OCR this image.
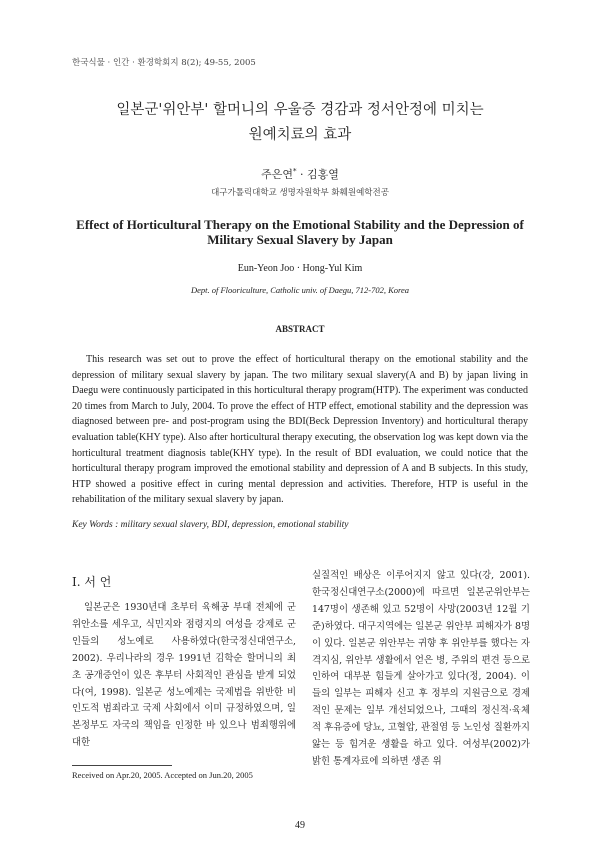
한국식물 · 인간 · 환경학회지 8(2); 49-55, 2005
일본군'위안부' 할머니의 우울증 경감과 정서안정에 미치는
원예치료의 효과
주은연* · 김홍열
대구가톨릭대학교 생명자원학부 화훼원예학전공
Effect of Horticultural Therapy on the Emotional Stability and the Depression of
Military Sexual Slavery by Japan
Eun-Yeon Joo · Hong-Yul Kim
Dept. of Flooriculture, Catholic univ. of Daegu, 712-702, Korea
ABSTRACT

This research was set out to prove the effect of horticultural therapy on the emotional stability and the depression of military sexual slavery by japan. The two military sexual slavery(A and B) by japan living in Daegu were continuously participated in this horticultural therapy program(HTP). The experiment was conducted 20 times from March to July, 2004. To prove the effect of HTP effect, emotional stability and the depression was diagnosed between pre- and post-program using the BDI(Beck Depression Inventory) and horticultural therapy evaluation table(KHY type). Also after horticultural therapy executing, the observation log was kept down via the horticultural treatment diagnosis table(KHY type). In the result of BDI evaluation, we could notice that the horticultural therapy program improved the emotional stability and depression of A and B subjects. In this study, HTP showed a positive effect in curing mental depression and activities. Therefore, HTP is useful in the rehabilitation of the military sexual slavery by japan.

Key Words : military sexual slavery, BDI, depression, emotional stability
Ⅰ. 서 언

일본군은 1930년대 초부터 육해공 부대 전체에 군위안소를 세우고, 식민지와 점령지의 여성을 강제로 군인들의 성노예로 사용하였다(한국정신대연구소, 2002). 우리나라의 경우 1991년 김학순 할머니의 최초 공개증언이 있은 후부터 사회적인 관심을 받게 되었다(여, 1998). 일본군 성노예제는 국제법을 위반한 비인도적 범죄라고 국제 사회에서 이미 규정하였으며, 일본정부도 자국의 책임을 인정한 바 있으나 범죄행위에 대한

실질적인 배상은 이루어지지 않고 있다(강, 2001). 한국정신대연구소(2000)에 따르면 일본군위안부는 147명이 생존해 있고 52명이 사망(2003년 12월 기준)하였다. 대구지역에는 일본군 위안부 피해자가 8명이 있다. 일본군 위안부는 귀향 후 위안부를 했다는 자격지심, 위안부 생활에서 얻은 병, 주위의 편견 등으로 인하여 대부분 힘들게 살아가고 있다(정, 2004). 이들의 일부는 피해자 신고 후 정부의 지원금으로 경제적인 문제는 일부 개선되었으나, 그때의 정신적·육체적 후유증에 당뇨, 고혈압, 관절염 등 노인성 질환까지 앓는 등 힘겨운 생활을 하고 있다. 여성부(2002)가 밝힌 통계자료에 의하면 생존 위

Received on Apr.20, 2005. Accepted on Jun.20, 2005
49
